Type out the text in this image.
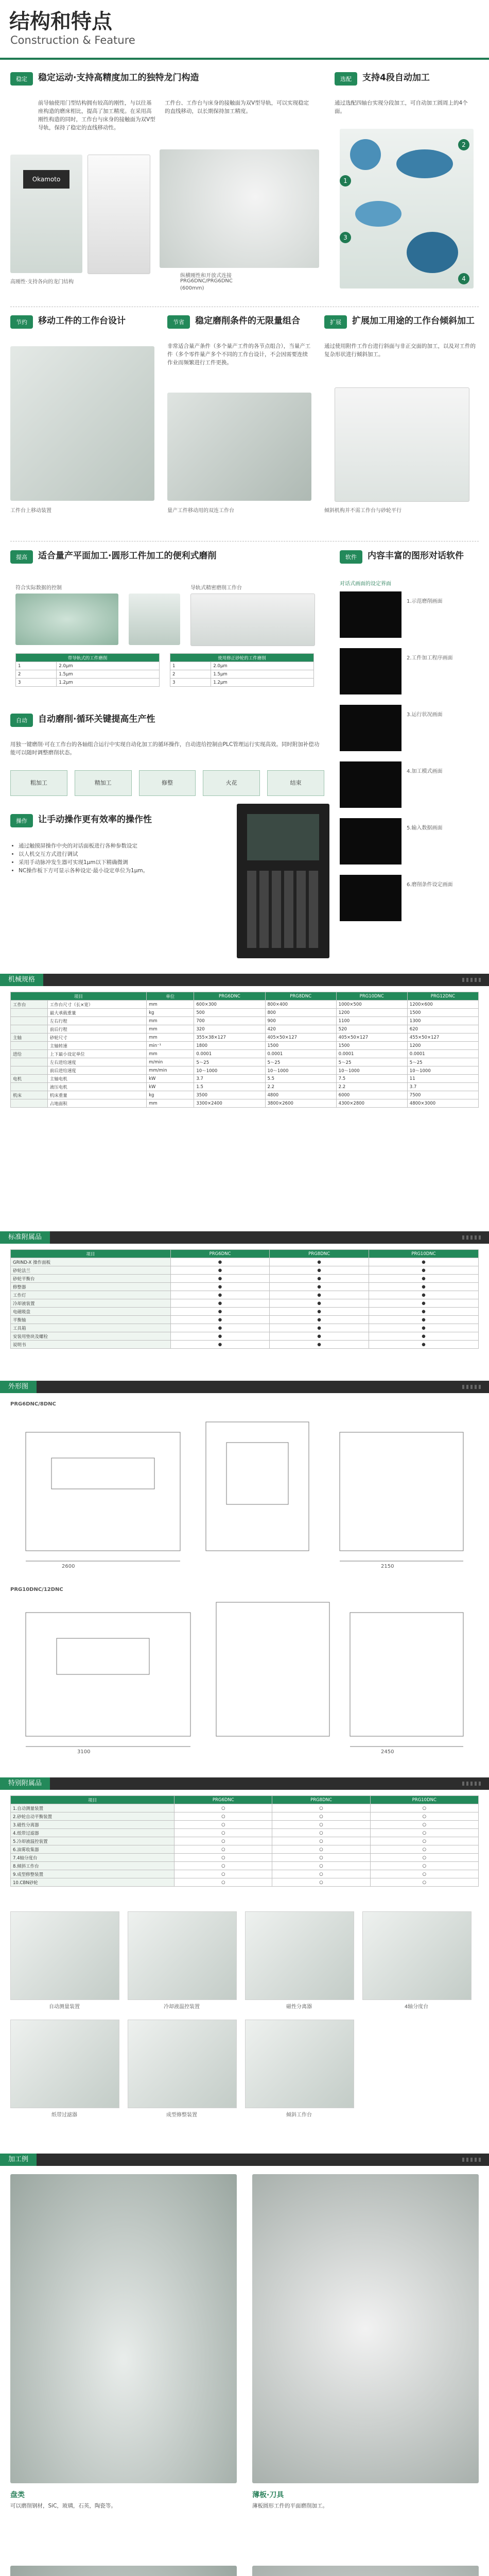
结构和特点
Construction & Feature
稳定 稳定运动·支持高精度加工的独特龙门构造
前导轴使用门型结构拥有较高的刚性，与以往基座构造的磨床相比，提高了加工精度。在采用高刚性构造的同时，工作台与床身的接触面为双V型导轨，保持了稳定的直线移动性。
工件台、工作台与床身的接触面为双V型导轨，可以实现稳定的直线移动，以长期保持加工精度。
Okamoto
高刚性·支持各向的龙门结构
纵横刚性和开放式连接
PRG6DNC/PRG6DNC
(600mm)
选配 支持4段自动加工
通过选配四轴台实现分段加工，可自动加工圆周上的4个面。
1
2
3
4
节约 移动工件的工作台设计
工件台上移动装置
节省 稳定磨削条件的无限量组合
非常适合量产条件（多个量产工件的各节点组合），当量产工件（多个零件量产多个不同的工作台设计，不会因需要连续作业而频繁进行工件更换。
量产工件移动用的双连工作台
扩展 扩展加工用途的工作台倾斜加工
通过使用附件工作台进行斜面与非正交面的加工，以及对工件的复杂形状进行倾斜加工。
倾斜机构并不需工作台与砂轮平行
提高 适合量产平面加工·圆形工件加工的便利式磨削
符合实际数据的控制	导轨式精密磨削工作台
带导轨式的工件磨削	
1	2.0μm
2	1.5μm
3	1.2μm
使用修正砂轮的工件磨削	
1	2.0μm
2	1.5μm
3	1.2μm
自动 自动磨削·循环关键提高生产性
用独一键磨削·可在工作台的各轴组合运行中实现自动化加工的循环操作，自动进给控制由PLC管理运行实现高效。同时附加补偿功能可以随时调整磨削状态。
粗加工	精加工	修整	火花	结束
操作 让手动操作更有效率的操作性
• 通过触摸屏操作中央的对话面板进行各种参数设定
• 以人机交互方式进行调试
• 采用手动脉冲发生器可实现1μm以下精确微调
• NC操作板下方可显示各种设定·最小设定单位为1μm。
软件 内容丰富的图形对话软件
对话式画面的设定界面
1.示范磨削画面
2.工件加工程序画面
3.运行状况画面
4.加工模式画面
5.输入数据画面
6.磨削条件设定画面
机械规格
项目		单位	PRG6DNC	PRG8DNC	PRG10DNC	PRG12DNC
工作台	工作台尺寸（长×宽）	mm	600×300	800×400	1000×500	1200×600
	最大承载重量	kg	500	800	1200	1500
	左右行程	mm	700	900	1100	1300
	前后行程	mm	320	420	520	620
主轴	砂轮尺寸	mm	355×38×127	405×50×127	405×50×127	455×50×127
	主轴转速	min⁻¹	1800	1500	1500	1200
进给	上下最小设定单位	mm	0.0001	0.0001	0.0001	0.0001
	左右进给速度	m/min	5～25	5～25	5～25	5～25
	前后进给速度	mm/min	10～1000	10～1000	10～1000	10～1000
电机	主轴电机	kW	3.7	5.5	7.5	11
	液压电机	kW	1.5	2.2	2.2	3.7
机床	机床重量	kg	3500	4800	6000	7500
	占地面积	mm	3300×2400	3800×2600	4300×2800	4800×3000
标准附属品
项目	PRG6DNC	PRG8DNC	PRG10DNC
GRIND-X 操作面板	●	●	●
砂轮法兰	●	●	●
砂轮平衡台	●	●	●
修整器	●	●	●
工作灯	●	●	●
冷却液装置	●	●	●
电磁吸盘	●	●	●
平衡轴	●	●	●
工具箱	●	●	●
安装用垫块及螺栓	●	●	●
说明书	●	●	●
外形图
PRG6DNC/8DNC
2600	2150
PRG10DNC/12DNC
3100	2450
特别附属品
项目	PRG6DNC	PRG8DNC	PRG10DNC
1.自动测量装置	○	○	○
2.砂轮自动平衡装置	○	○	○
3.磁性分离器	○	○	○
4.纸带过滤器	○	○	○
5.冷却液温控装置	○	○	○
6.油雾收集器	○	○	○
7.4轴分度台	○	○	○
8.倾斜工作台	○	○	○
9.成型修整装置	○	○	○
10.CBN砂轮	○	○	○
自动测量装置	冷却液温控装置	磁性分离器	4轴分度台
纸带过滤器	成型修整装置	倾斜工作台
加工例
盘类
可以磨削钢材，SiC，玻璃，石英，陶瓷等。
薄板·刀具
薄板圆形工件的平面磨削加工。
